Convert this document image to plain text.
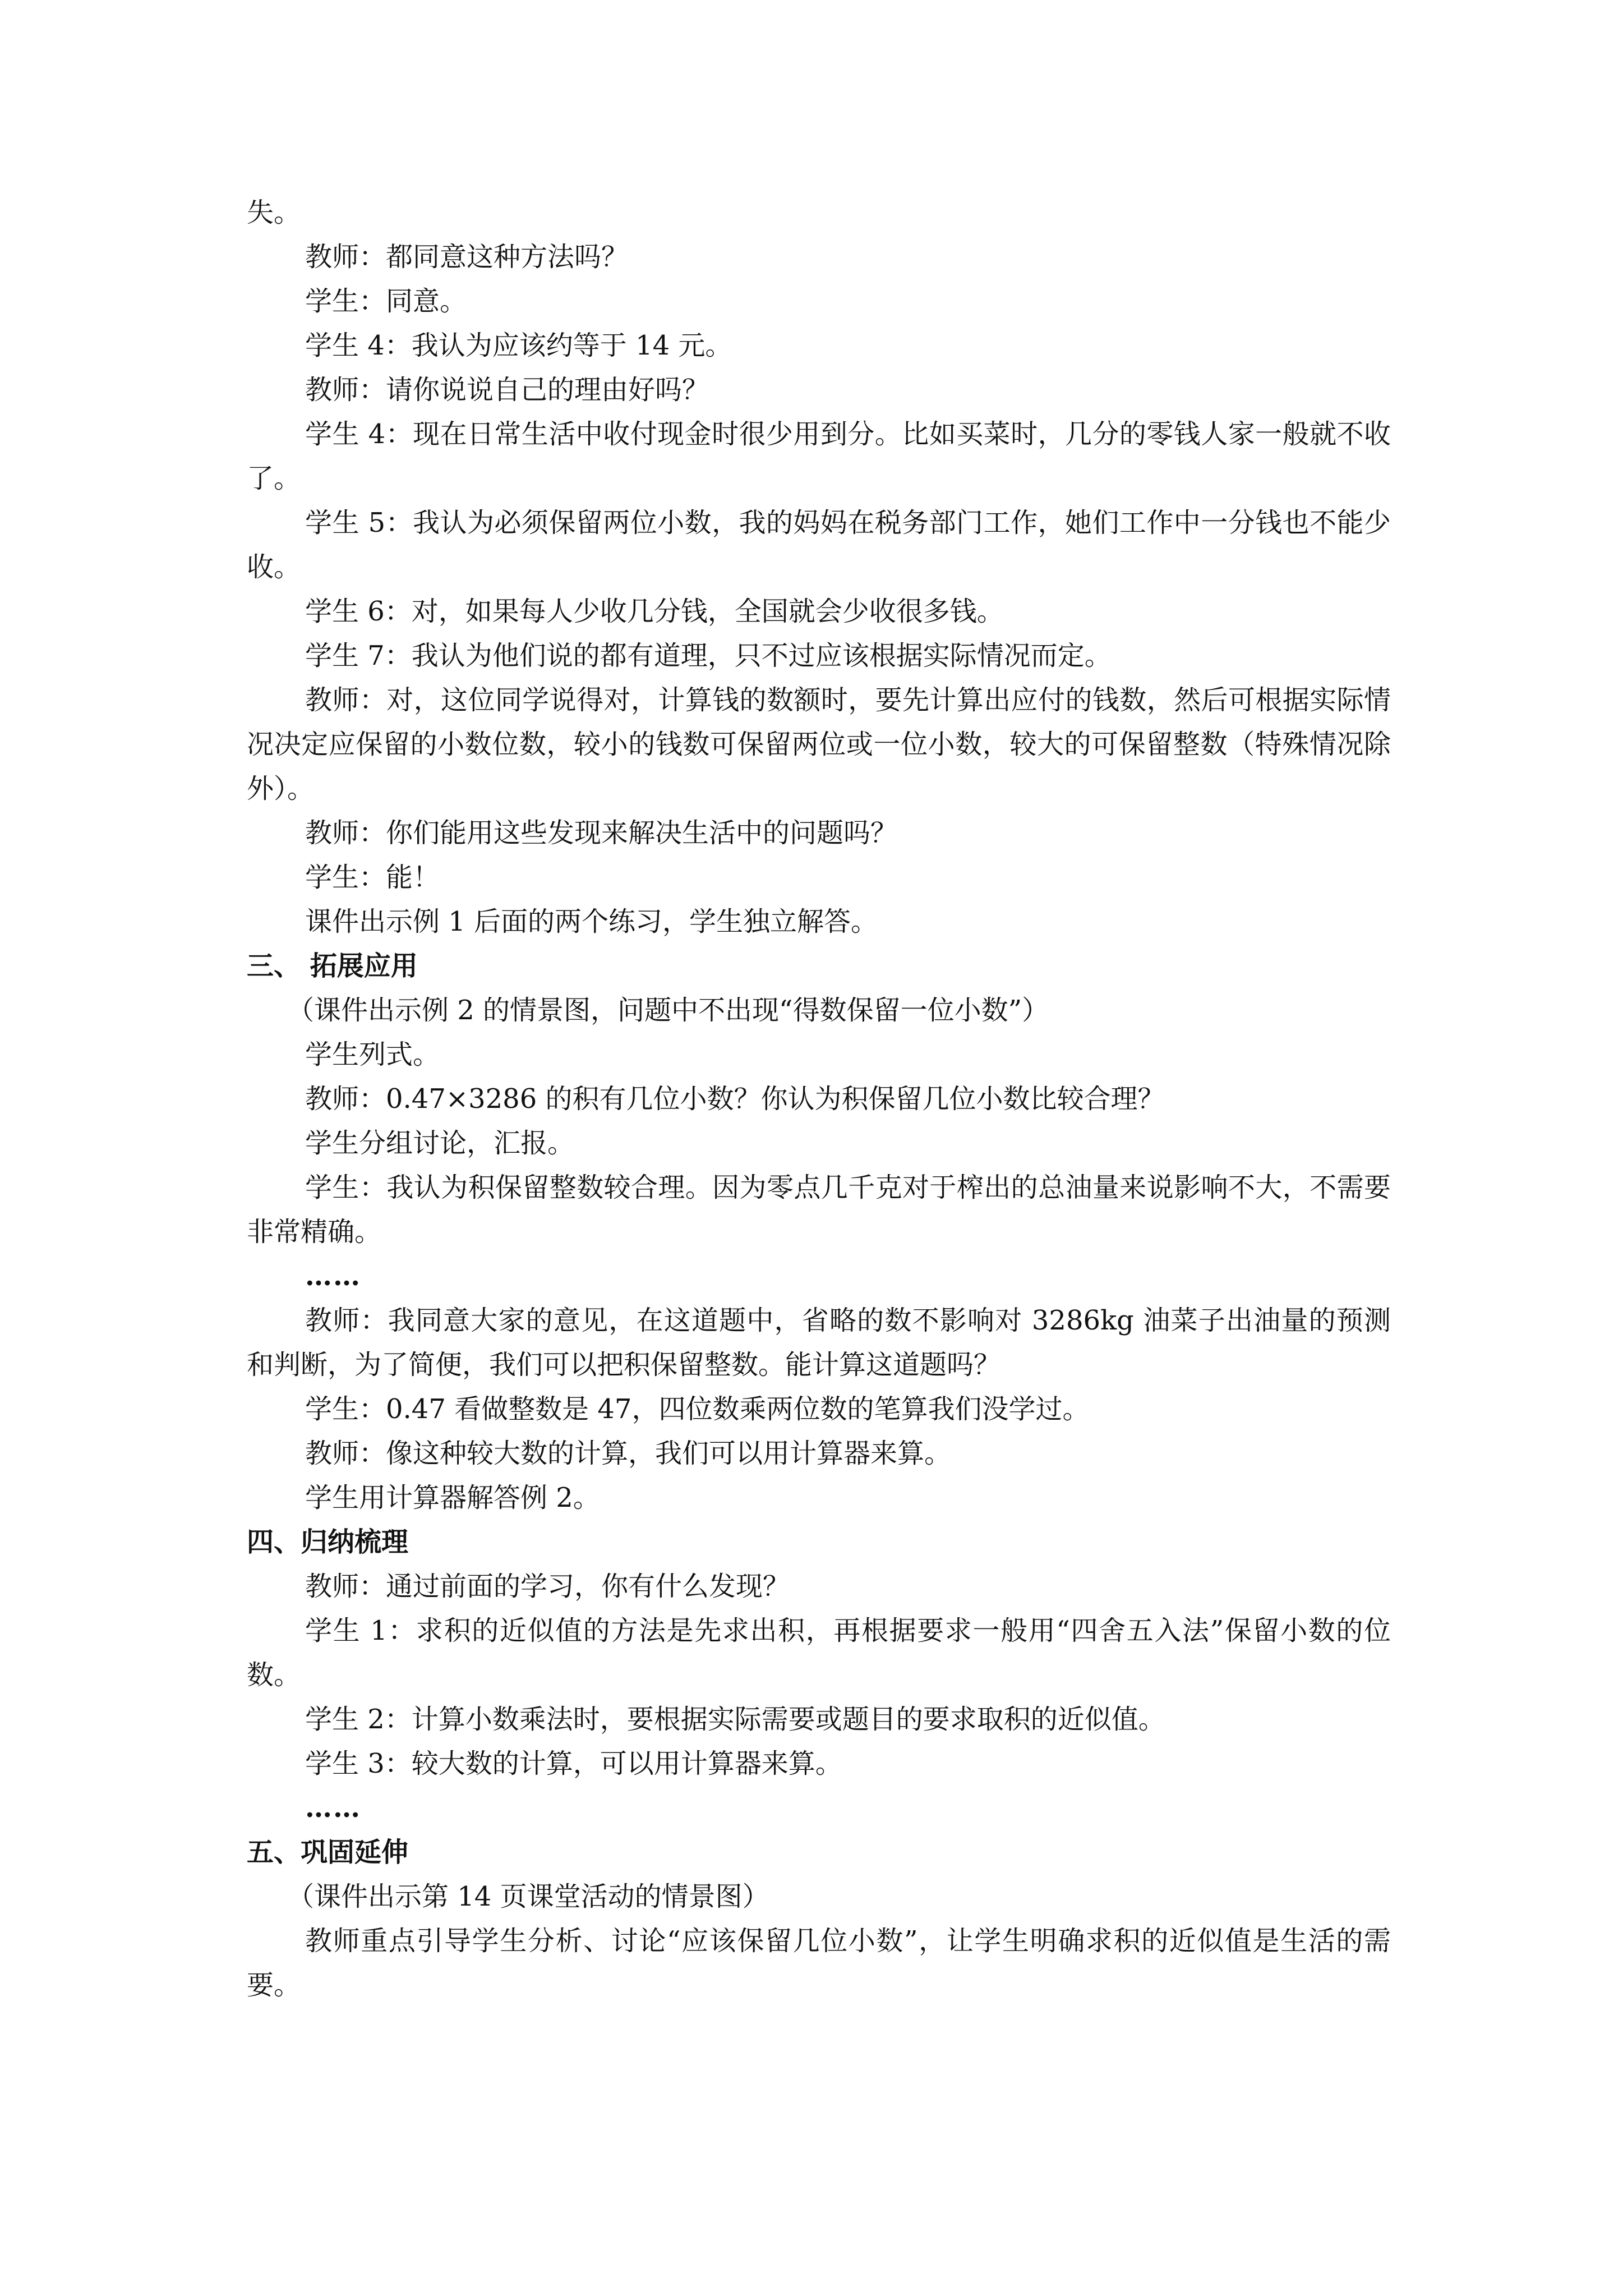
失。

教师：都同意这种方法吗？

学生：同意。

学生 4：我认为应该约等于 14 元。

教师：请你说说自己的理由好吗？

学生 4：现在日常生活中收付现金时很少用到分。比如买菜时，几分的零钱人家一般就不收了。

学生 5：我认为必须保留两位小数，我的妈妈在税务部门工作，她们工作中一分钱也不能少收。

学生 6：对，如果每人少收几分钱，全国就会少收很多钱。

学生 7：我认为他们说的都有道理，只不过应该根据实际情况而定。

教师：对，这位同学说得对，计算钱的数额时，要先计算出应付的钱数，然后可根据实际情况决定应保留的小数位数，较小的钱数可保留两位或一位小数，较大的可保留整数（特殊情况除外）。

教师：你们能用这些发现来解决生活中的问题吗？

学生：能！

课件出示例 1 后面的两个练习，学生独立解答。

三、 拓展应用

（课件出示例 2 的情景图，问题中不出现“得数保留一位小数”）

学生列式。

教师：0.47×3286 的积有几位小数？你认为积保留几位小数比较合理？

学生分组讨论，汇报。

学生：我认为积保留整数较合理。因为零点几千克对于榨出的总油量来说影响不大，不需要非常精确。

……

教师：我同意大家的意见，在这道题中，省略的数不影响对 3286kg 油菜子出油量的预测和判断，为了简便，我们可以把积保留整数。能计算这道题吗？

学生：0.47 看做整数是 47，四位数乘两位数的笔算我们没学过。

教师：像这种较大数的计算，我们可以用计算器来算。

学生用计算器解答例 2。

四、归纳梳理

教师：通过前面的学习，你有什么发现？

学生 1：求积的近似值的方法是先求出积，再根据要求一般用“四舍五入法”保留小数的位数。

学生 2：计算小数乘法时，要根据实际需要或题目的要求取积的近似值。

学生 3：较大数的计算，可以用计算器来算。

……

五、巩固延伸

（课件出示第 14 页课堂活动的情景图）

教师重点引导学生分析、讨论“应该保留几位小数”，让学生明确求积的近似值是生活的需要。
